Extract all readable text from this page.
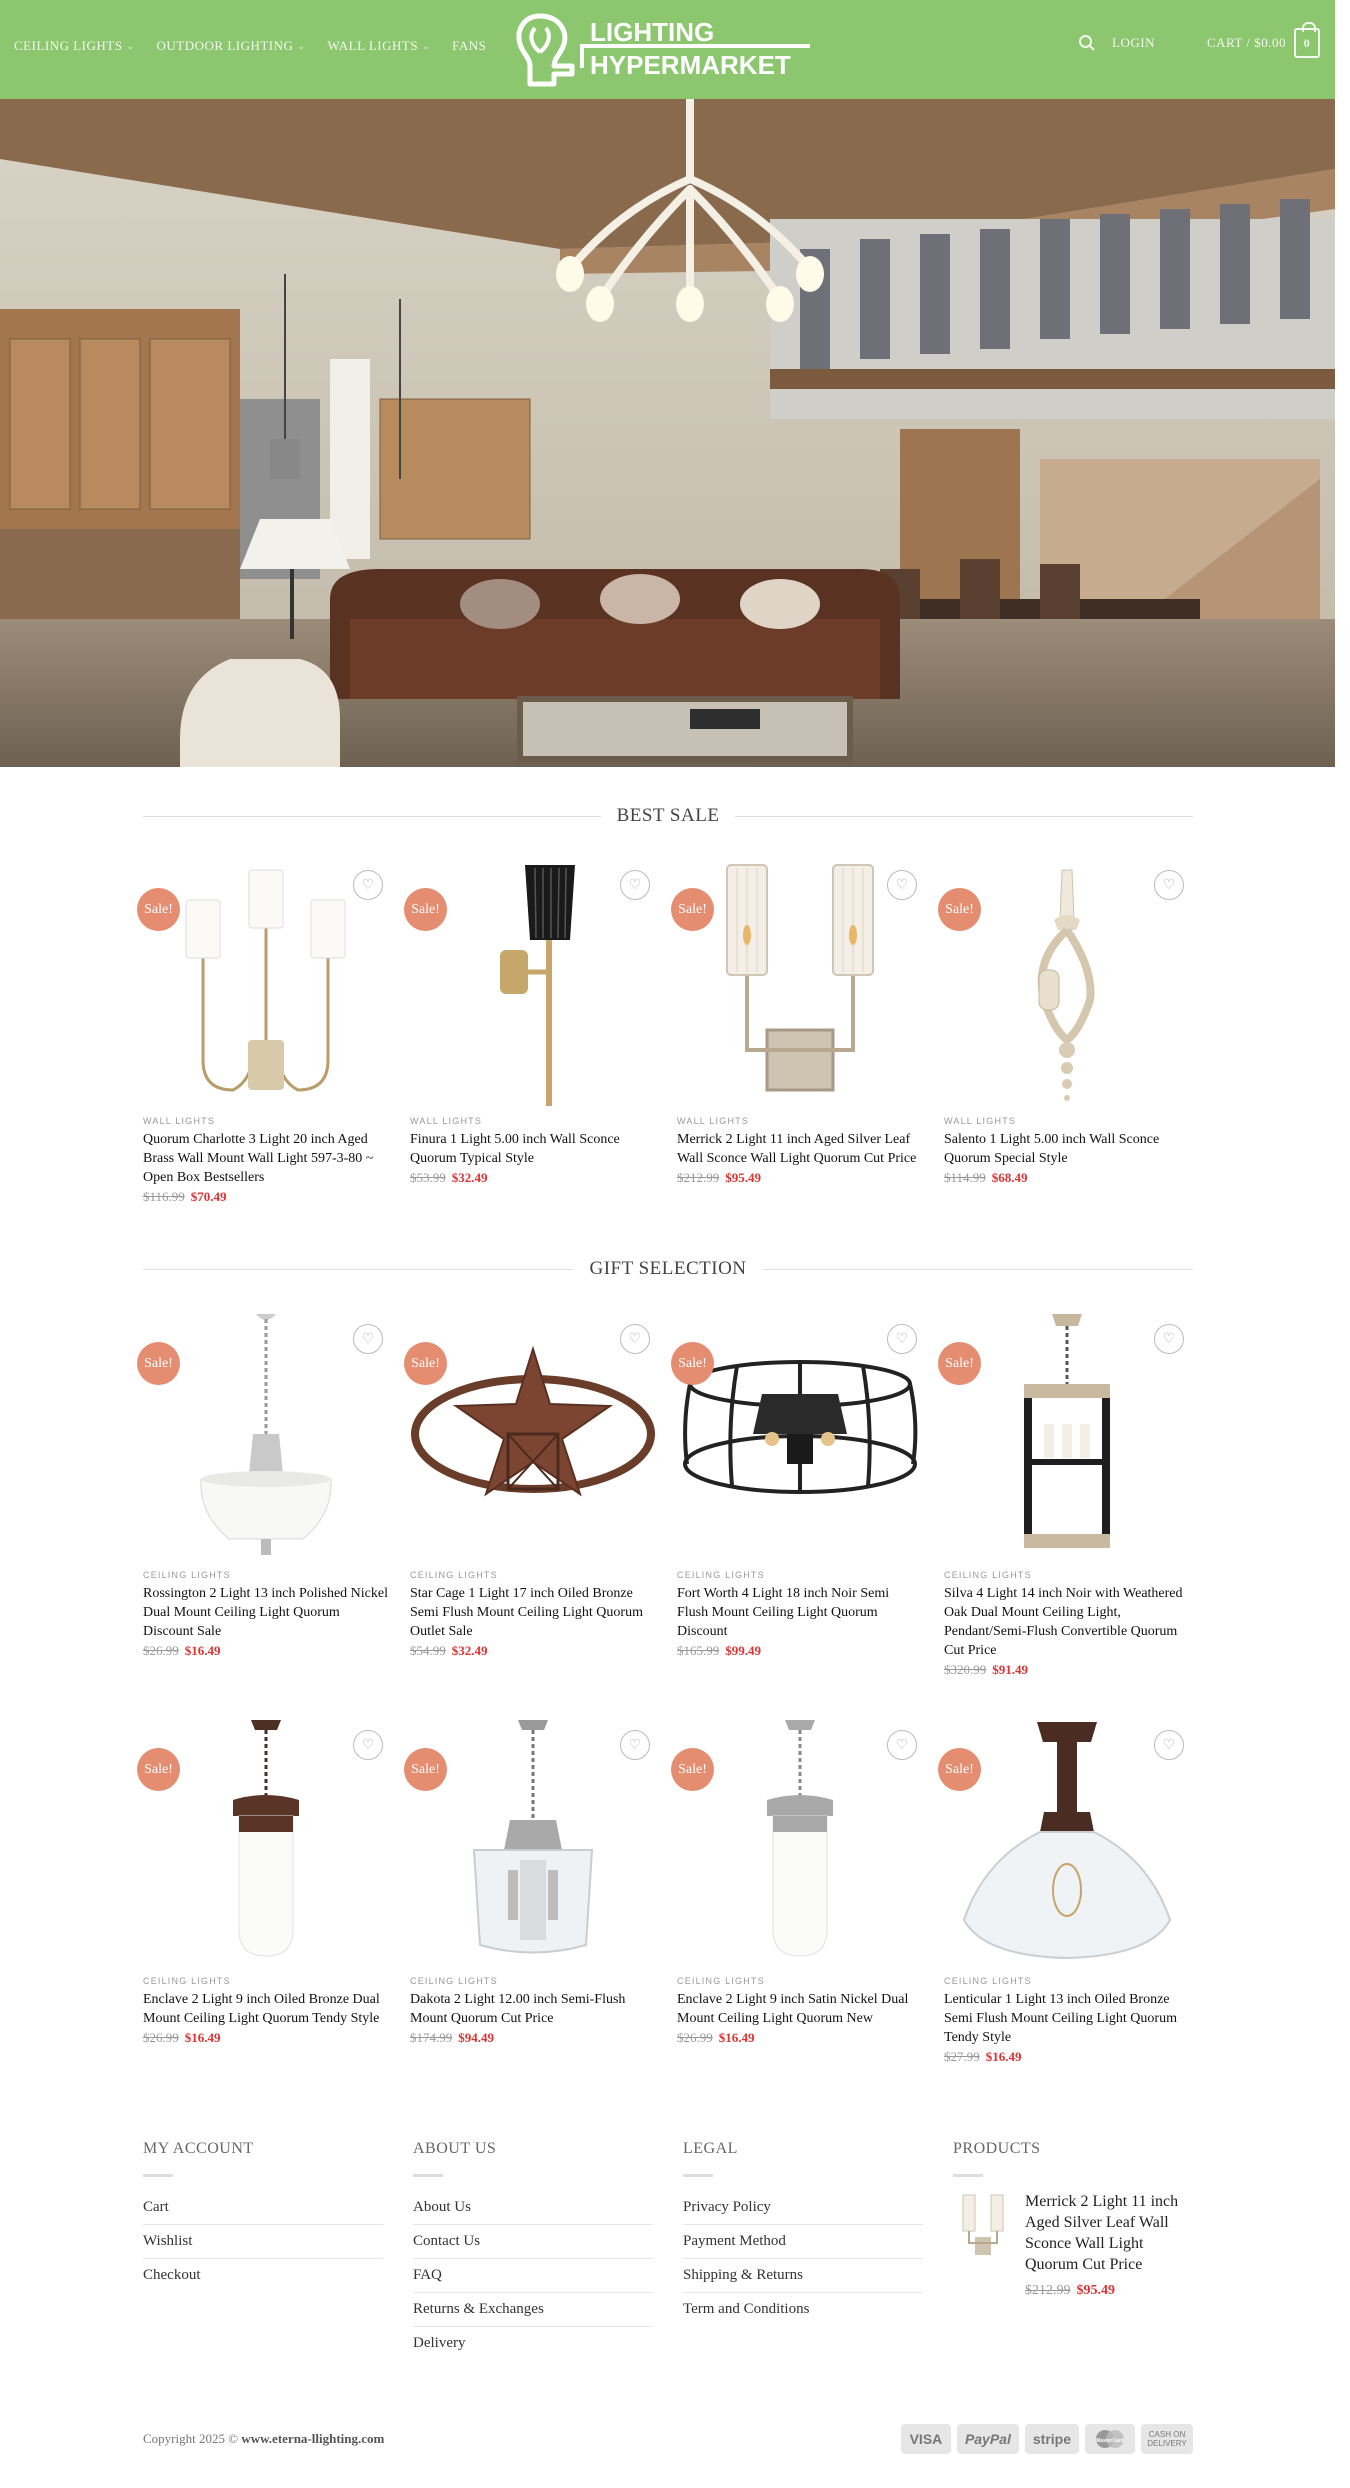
CEILING LIGHTS ⌄ OUTDOOR LIGHTING ⌄ WALL LIGHTS ⌄ FANS	LIGHTING
HYPERMARKET
LOGIN	CART / $0.00	0
BEST SALE
Sale!
♡
WALL LIGHTS
Quorum Charlotte 3 Light 20 inch Aged Brass Wall Mount Wall Light 597-3-80 ~ Open Box Bestsellers
$116.99 $70.49
Sale!
♡
WALL LIGHTS
Finura 1 Light 5.00 inch Wall Sconce Quorum Typical Style
$53.99 $32.49
Sale!
♡
WALL LIGHTS
Merrick 2 Light 11 inch Aged Silver Leaf Wall Sconce Wall Light Quorum Cut Price
$212.99 $95.49
Sale!
♡
WALL LIGHTS
Salento 1 Light 5.00 inch Wall Sconce Quorum Special Style
$114.99 $68.49
GIFT SELECTION
Sale!
♡
CEILING LIGHTS
Rossington 2 Light 13 inch Polished Nickel Dual Mount Ceiling Light Quorum Discount Sale
$26.99 $16.49
Sale!
♡
CEILING LIGHTS
Star Cage 1 Light 17 inch Oiled Bronze Semi Flush Mount Ceiling Light Quorum Outlet Sale
$54.99 $32.49
Sale!
♡
CEILING LIGHTS
Fort Worth 4 Light 18 inch Noir Semi Flush Mount Ceiling Light Quorum Discount
$165.99 $99.49
Sale!
♡
CEILING LIGHTS
Silva 4 Light 14 inch Noir with Weathered Oak Dual Mount Ceiling Light, Pendant/Semi-Flush Convertible Quorum Cut Price
$320.99 $91.49
Sale!
♡
CEILING LIGHTS
Enclave 2 Light 9 inch Oiled Bronze Dual Mount Ceiling Light Quorum Tendy Style
$26.99 $16.49
Sale!
♡
CEILING LIGHTS
Dakota 2 Light 12.00 inch Semi-Flush Mount Quorum Cut Price
$174.99 $94.49
Sale!
♡
CEILING LIGHTS
Enclave 2 Light 9 inch Satin Nickel Dual Mount Ceiling Light Quorum New
$26.99 $16.49
Sale!
♡
CEILING LIGHTS
Lenticular 1 Light 13 inch Oiled Bronze Semi Flush Mount Ceiling Light Quorum Tendy Style
$27.99 $16.49
MY ACCOUNT
Cart
Wishlist
Checkout
ABOUT US
About Us
Contact Us
FAQ
Returns & Exchanges
Delivery
LEGAL
Privacy Policy
Payment Method
Shipping & Returns
Term and Conditions
PRODUCTS
Merrick 2 Light 11 inch Aged Silver Leaf Wall Sconce Wall Light Quorum Cut Price
$212.99 $95.49
Copyright 2025 © www.eterna-llighting.com	VISA	PayPal	stripe	MasterCard
CASH ON DELIVERY
